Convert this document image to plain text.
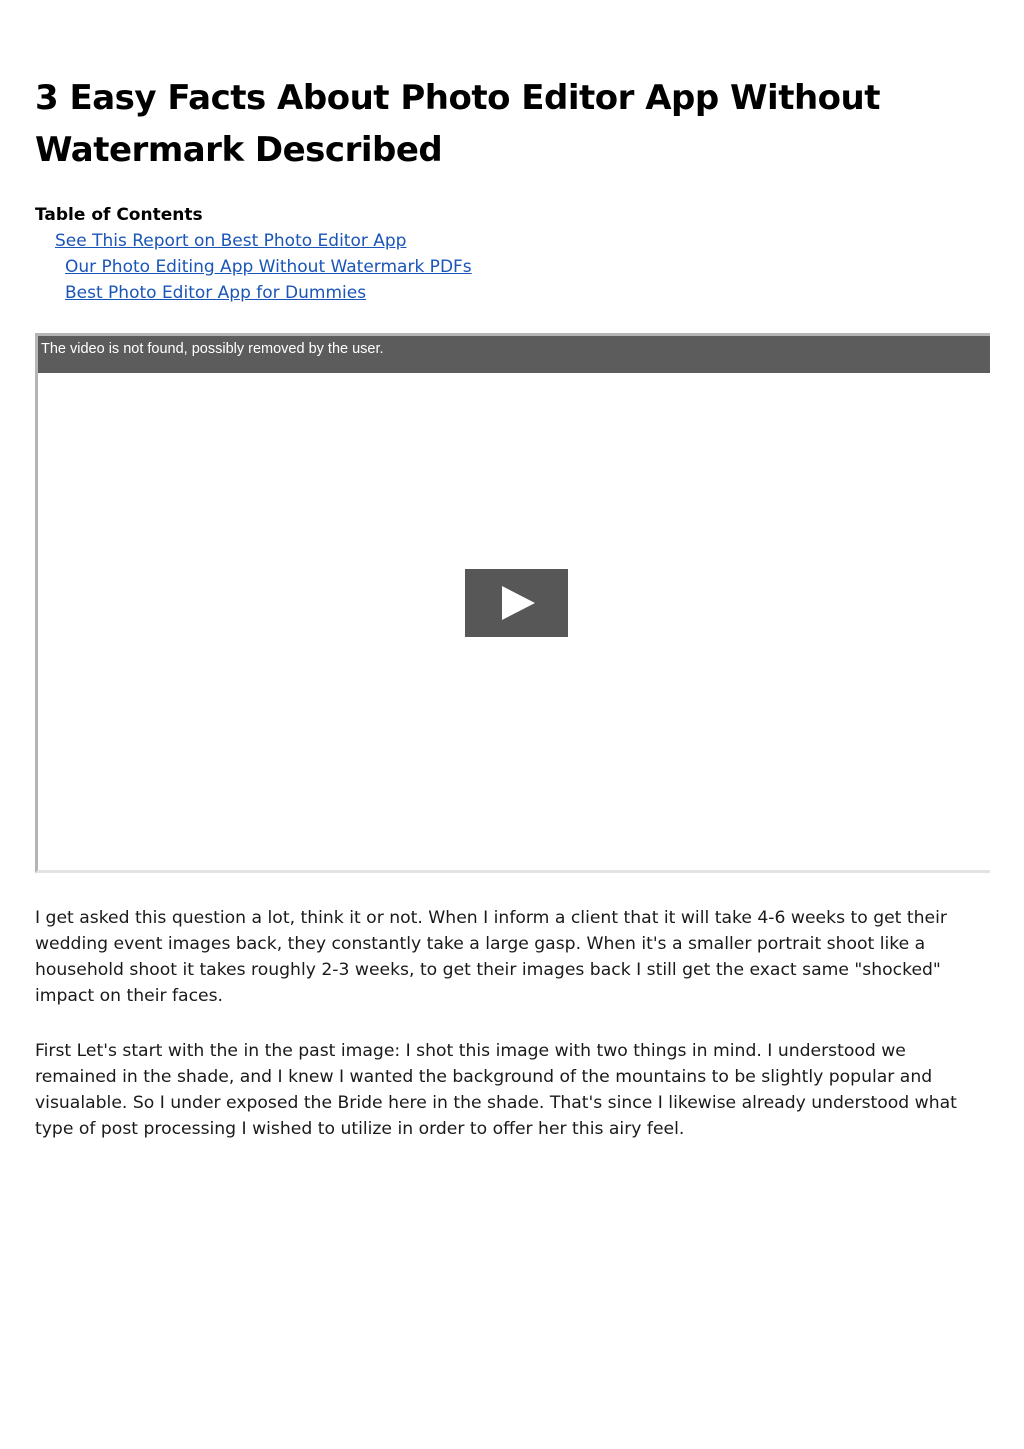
3 Easy Facts About Photo Editor App Without Watermark Described

Table of Contents

See This Report on Best Photo Editor App
Our Photo Editing App Without Watermark PDFs
Best Photo Editor App for Dummies
The video is not found, possibly removed by the user.

I get asked this question a lot, think it or not. When I inform a client that it will take 4-6 weeks to get their wedding event images back, they constantly take a large gasp. When it's a smaller portrait shoot like a household shoot it takes roughly 2-3 weeks, to get their images back I still get the exact same "shocked" impact on their faces.

First Let's start with the in the past image: I shot this image with two things in mind. I understood we remained in the shade, and I knew I wanted the background of the mountains to be slightly popular and visualable. So I under exposed the Bride here in the shade. That's since I likewise already understood what type of post processing I wished to utilize in order to offer her this airy feel.
